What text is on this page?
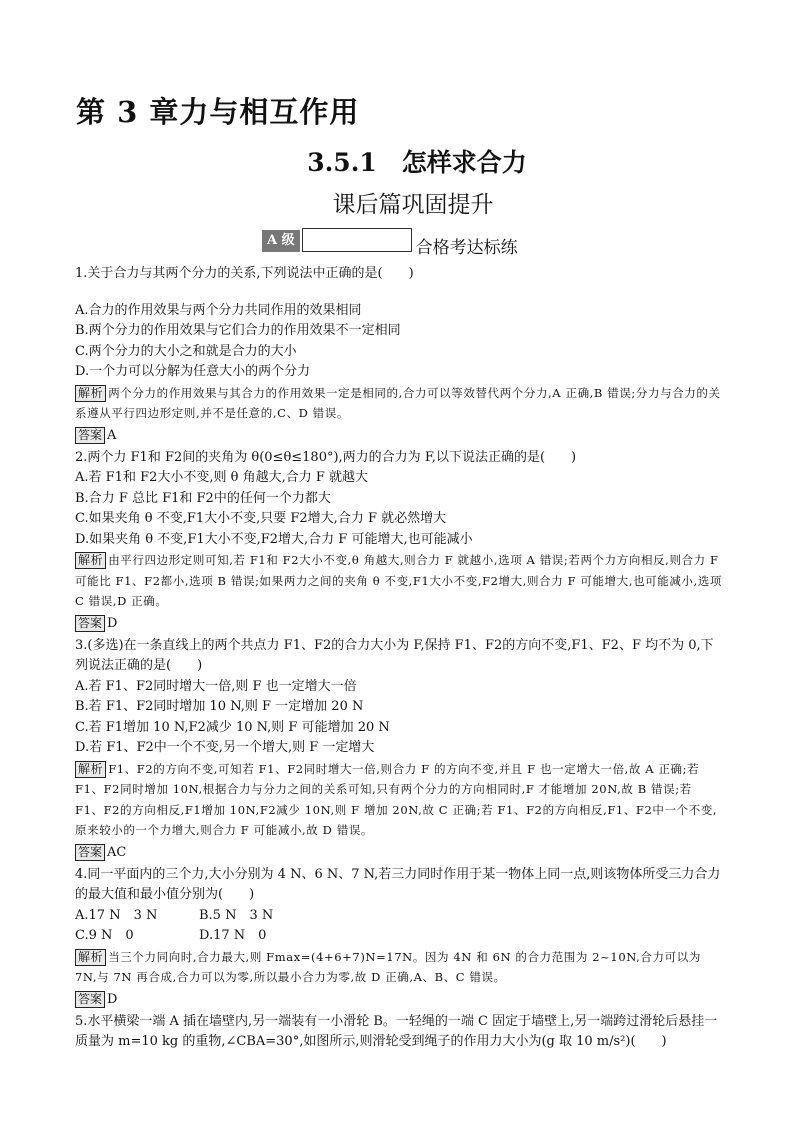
第 3 章力与相互作用
3.5.1　怎样求合力
课后篇巩固提升
A 级	合格考达标练

1.关于合力与其两个分力的关系,下列说法中正确的是(　　)

A.合力的作用效果与两个分力共同作用的效果相同

B.两个分力的作用效果与它们合力的作用效果不一定相同

C.两个分力的大小之和就是合力的大小

D.一个力可以分解为任意大小的两个分力

解析 两个分力的作用效果与其合力的作用效果一定是相同的,合力可以等效替代两个分力,A 正确,B 错误;分力与合力的关系遵从平行四边形定则,并不是任意的,C、D 错误。

答案 A

2.两个力 F1和 F2间的夹角为 θ(0≤θ≤180°),两力的合力为 F,以下说法正确的是(　　)

A.若 F1和 F2大小不变,则 θ 角越大,合力 F 就越大

B.合力 F 总比 F1和 F2中的任何一个力都大

C.如果夹角 θ 不变,F1大小不变,只要 F2增大,合力 F 就必然增大

D.如果夹角 θ 不变,F1大小不变,F2增大,合力 F 可能增大,也可能减小

解析 由平行四边形定则可知,若 F1和 F2大小不变,θ 角越大,则合力 F 就越小,选项 A 错误;若两个力方向相反,则合力 F 可能比 F1、F2都小,选项 B 错误;如果两力之间的夹角 θ 不变,F1大小不变,F2增大,则合力 F 可能增大,也可能减小,选项 C 错误,D 正确。

答案 D

3.(多选)在一条直线上的两个共点力 F1、F2的合力大小为 F,保持 F1、F2的方向不变,F1、F2、F 均不为 0,下列说法正确的是(　　)

A.若 F1、F2同时增大一倍,则 F 也一定增大一倍

B.若 F1、F2同时增加 10 N,则 F 一定增加 20 N

C.若 F1增加 10 N,F2减少 10 N,则 F 可能增加 20 N

D.若 F1、F2中一个不变,另一个增大,则 F 一定增大

解析 F1、F2的方向不变,可知若 F1、F2同时增大一倍,则合力 F 的方向不变,并且 F 也一定增大一倍,故 A 正确;若 F1、F2同时增加 10N,根据合力与分力之间的关系可知,只有两个分力的方向相同时,F 才能增加 20N,故 B 错误;若 F1、F2的方向相反,F1增加 10N,F2减少 10N,则 F 增加 20N,故 C 正确;若 F1、F2的方向相反,F1、F2中一个不变,原来较小的一个力增大,则合力 F 可能减小,故 D 错误。

答案 AC

4.同一平面内的三个力,大小分别为 4 N、6 N、7 N,若三力同时作用于某一物体上同一点,则该物体所受三力合力的最大值和最小值分别为(　　)

A.17 N　3 N	B.5 N　3 N
C.9 N　0	D.17 N　0

解析 当三个力同向时,合力最大,则 Fmax=(4+6+7)N=17N。因为 4N 和 6N 的合力范围为 2~10N,合力可以为 7N,与 7N 再合成,合力可以为零,所以最小合力为零,故 D 正确,A、B、C 错误。

答案 D

5.水平横梁一端 A 插在墙壁内,另一端装有一小滑轮 B。一轻绳的一端 C 固定于墙壁上,另一端跨过滑轮后悬挂一质量为 m=10 kg 的重物,∠CBA=30°,如图所示,则滑轮受到绳子的作用力大小为(g 取 10 m/s²)(　　)
